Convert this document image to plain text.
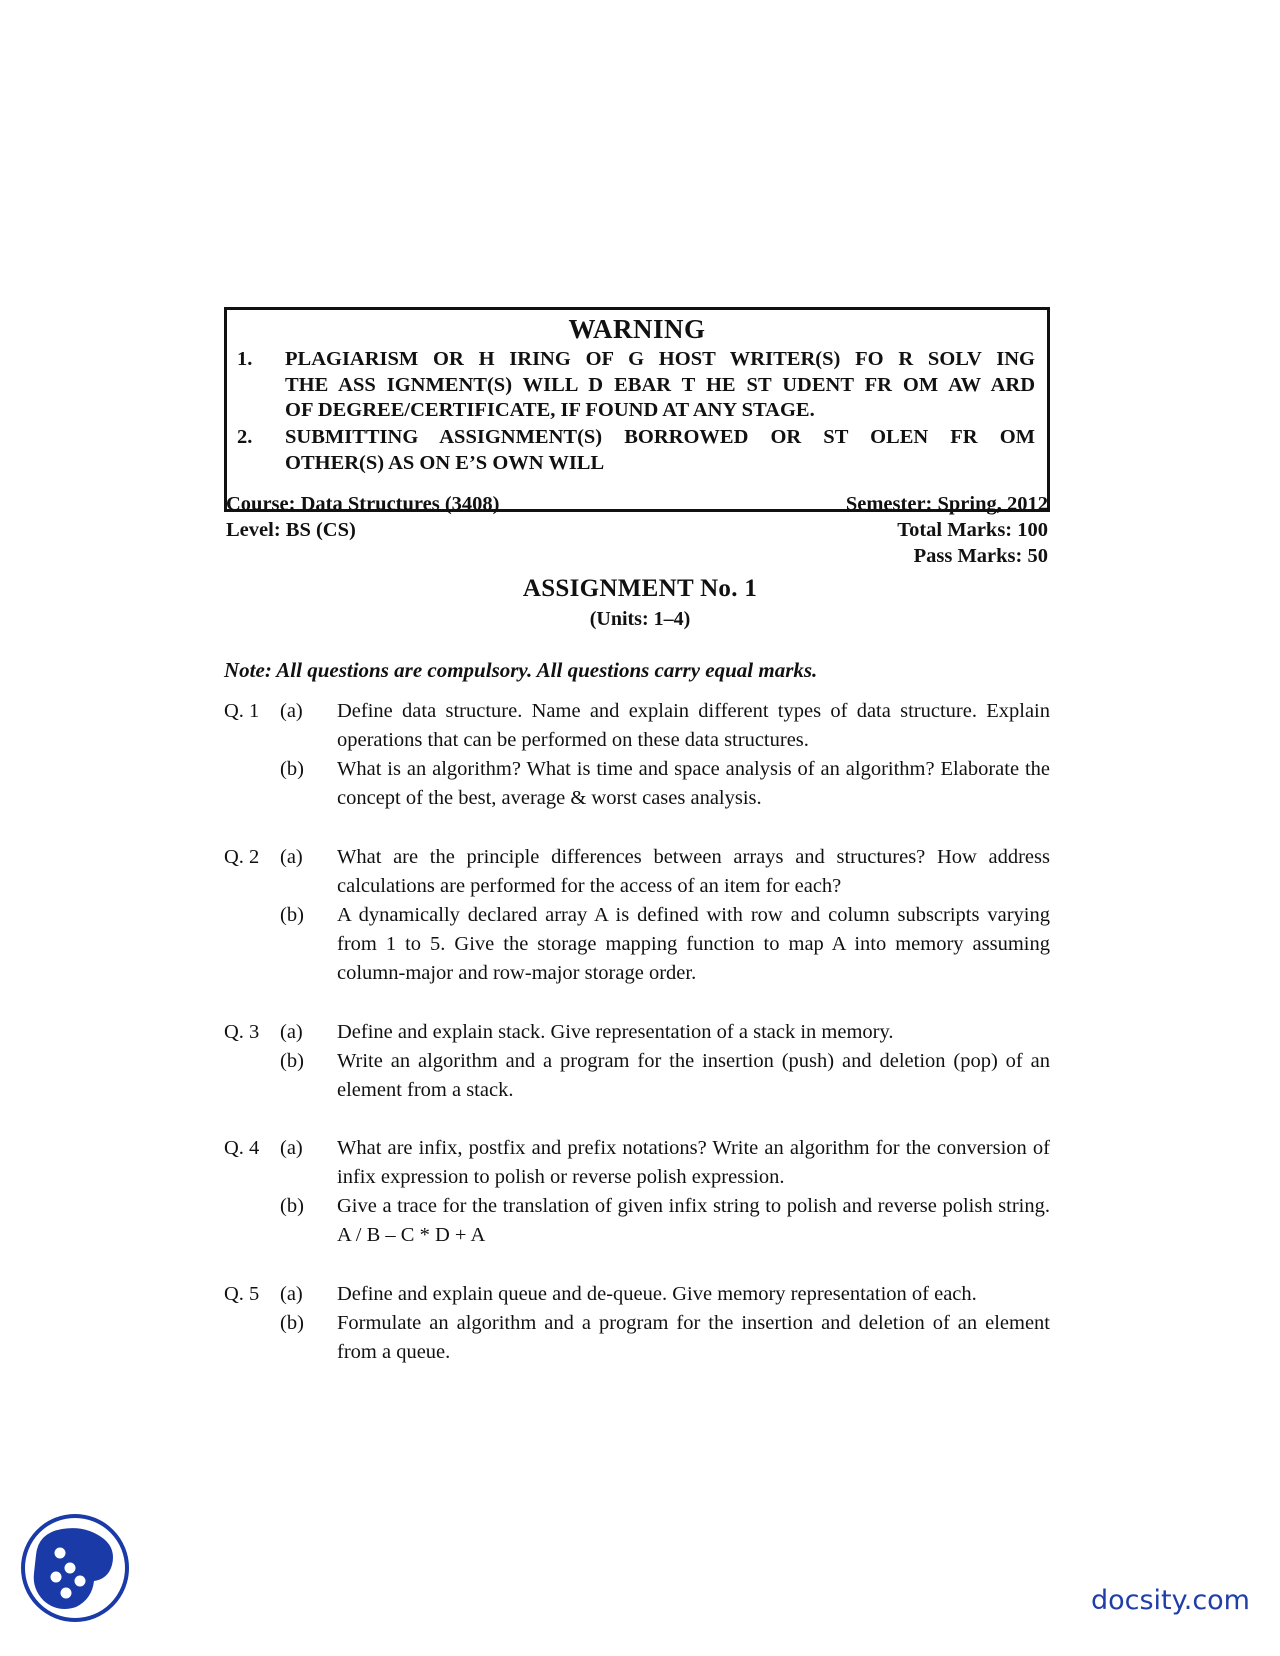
WARNING
1.	PLAGIARISM OR H IRING OF G HOST WRITER(S) FO R SOLV ING
THE ASS IGNMENT(S) WILL D EBAR T HE ST UDENT FR OM AW ARD
OF DEGREE/CERTIFICATE, IF FOUND AT ANY STAGE.
2.	SUBMITTING ASSIGNMENT(S) BORROWED OR ST OLEN FR OM
OTHER(S) AS ON E’S OWN WILL
Course: Data Structures (3408)	Semester: Spring, 2012
Level: BS (CS)	Total Marks: 100
Pass Marks: 50
ASSIGNMENT No. 1
(Units: 1–4)
Note: All questions are compulsory. All questions carry equal marks.
Q. 1 (a) Define data structure. Name and explain different types of data structure. Explain operations that can be performed on these data structures.
(b) What is an algorithm? What is time and space analysis of an algorithm? Elaborate the concept of the best, average & worst cases analysis.
Q. 2 (a) What are the principle differences between arrays and structures? How address calculations are performed for the access of an item for each?
(b) A dynamically declared array A is defined with row and column subscripts varying from 1 to 5. Give the storage mapping function to map A into memory assuming column-major and row-major storage order.
Q. 3 (a) Define and explain stack. Give representation of a stack in memory.
(b) Write an algorithm and a program for the insertion (push) and deletion (pop) of an element from a stack.
Q. 4 (a) What are infix, postfix and prefix notations? Write an algorithm for the conversion of infix expression to polish or reverse polish expression.
(b) Give a trace for the translation of given infix string to polish and reverse polish string. A / B – C * D + A
Q. 5 (a) Define and explain queue and de-queue. Give memory representation of each.
(b) Formulate an algorithm and a program for the insertion and deletion of an element from a queue.
docsity.com
